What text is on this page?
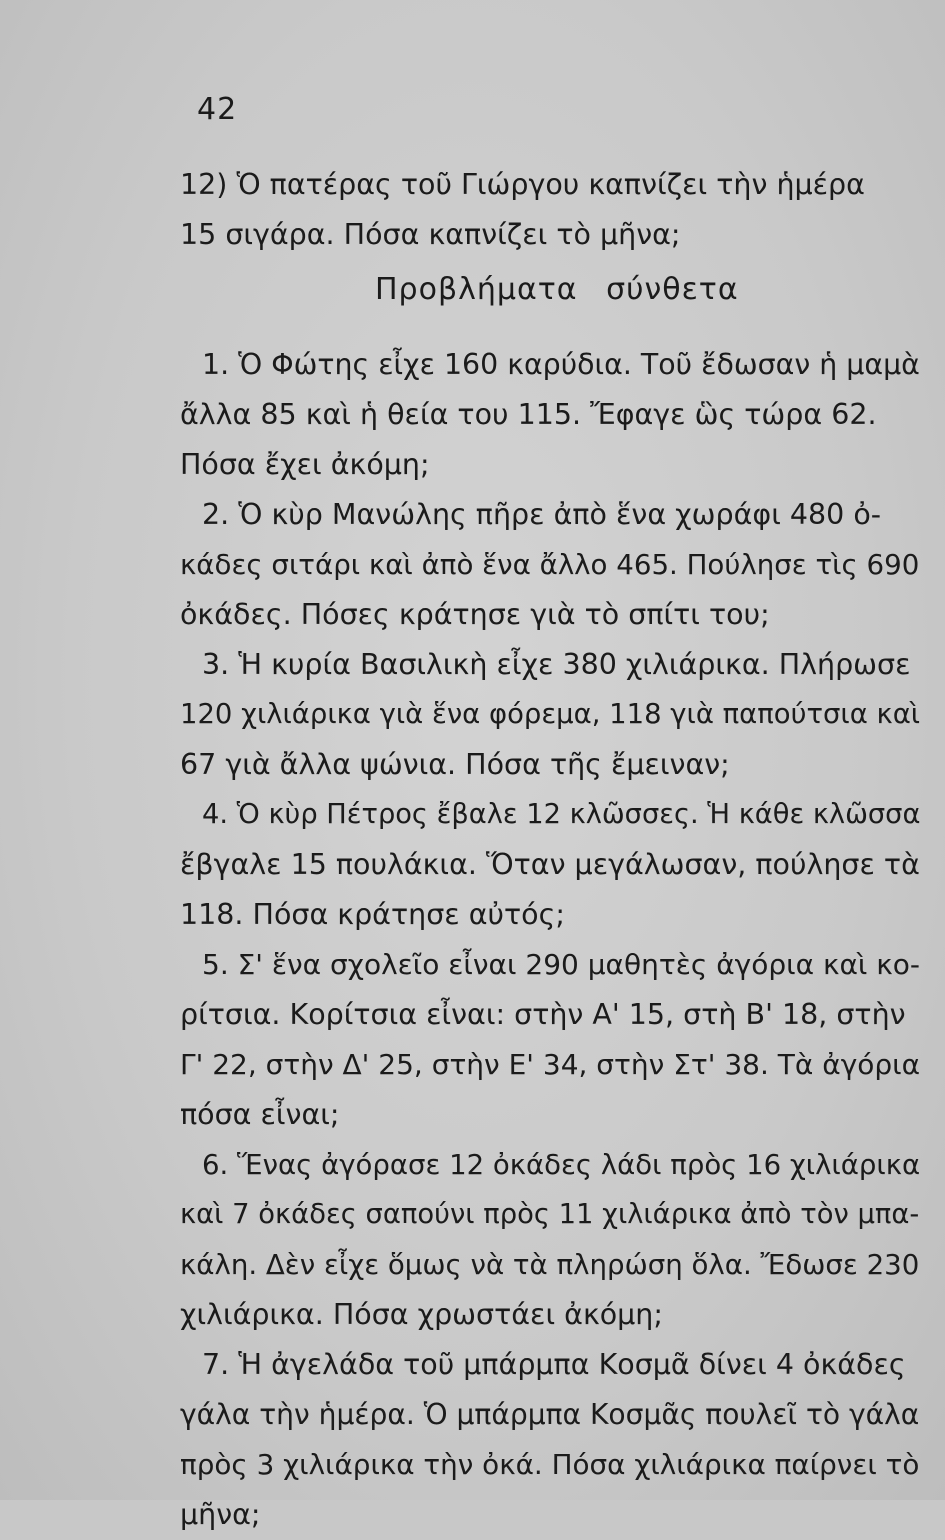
42
12) Ὁ πατέρας τοῦ Γιώργου καπνίζει τὴν ἡμέρα
15 σιγάρα. Πόσα καπνίζει τὸ μῆνα;
Προβλήματα σύνθετα
1. Ὁ Φώτης εἶχε 160 καρύδια. Τοῦ ἔδωσαν ἡ μαμὰ
ἄλλα 85 καὶ ἡ θεία του 115. Ἔφαγε ὣς τώρα 62.
Πόσα ἔχει ἀκόμη;
2. Ὁ κὺρ Μανώλης πῆρε ἀπὸ ἕνα χωράφι 480 ὀ-
κάδες σιτάρι καὶ ἀπὸ ἕνα ἄλλο 465. Πούλησε τὶς 690
ὀκάδες. Πόσες κράτησε γιὰ τὸ σπίτι του;
3. Ἡ κυρία Βασιλικὴ εἶχε 380 χιλιάρικα. Πλήρωσε
120 χιλιάρικα γιὰ ἕνα φόρεμα, 118 γιὰ παπούτσια καὶ
67 γιὰ ἄλλα ψώνια. Πόσα τῆς ἔμειναν;
4. Ὁ κὺρ Πέτρος ἔβαλε 12 κλῶσσες. Ἡ κάθε κλῶσσα
ἔβγαλε 15 πουλάκια. Ὅταν μεγάλωσαν, πούλησε τὰ
118. Πόσα κράτησε αὐτός;
5. Σ' ἕνα σχολεῖο εἶναι 290 μαθητὲς ἀγόρια καὶ κο-
ρίτσια. Κορίτσια εἶναι: στὴν Α' 15, στὴ Β' 18, στὴν
Γ' 22, στὴν Δ' 25, στὴν Ε' 34, στὴν Στ' 38. Τὰ ἀγόρια
πόσα εἶναι;
6. Ἕνας ἀγόρασε 12 ὀκάδες λάδι πρὸς 16 χιλιάρικα
καὶ 7 ὀκάδες σαπούνι πρὸς 11 χιλιάρικα ἀπὸ τὸν μπα-
κάλη. Δὲν εἶχε ὅμως νὰ τὰ πληρώση ὅλα. Ἔδωσε 230
χιλιάρικα. Πόσα χρωστάει ἀκόμη;
7. Ἡ ἀγελάδα τοῦ μπάρμπα Κοσμᾶ δίνει 4 ὀκάδες
γάλα τὴν ἡμέρα. Ὁ μπάρμπα Κοσμᾶς πουλεῖ τὸ γάλα
πρὸς 3 χιλιάρικα τὴν ὀκά. Πόσα χιλιάρικα παίρνει τὸ
μῆνα;
